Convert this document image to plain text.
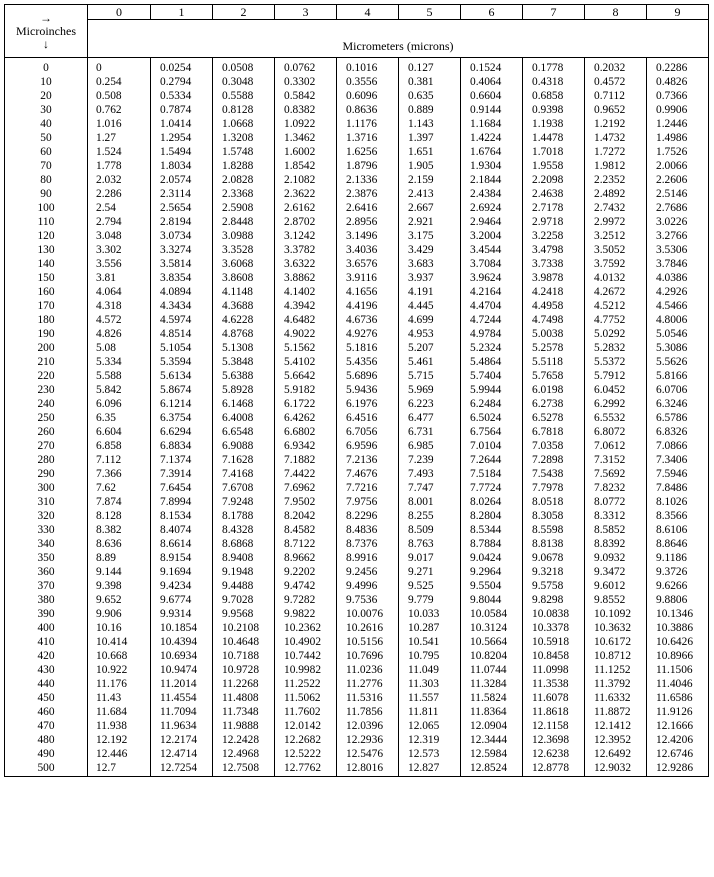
→
Microinches
↓	0	1	2	3	4	5	6	7	8	9
	Micrometers (microns)									
0	0	0.0254	0.0508	0.0762	0.1016	0.127	0.1524	0.1778	0.2032	0.2286
10	0.254	0.2794	0.3048	0.3302	0.3556	0.381	0.4064	0.4318	0.4572	0.4826
20	0.508	0.5334	0.5588	0.5842	0.6096	0.635	0.6604	0.6858	0.7112	0.7366
30	0.762	0.7874	0.8128	0.8382	0.8636	0.889	0.9144	0.9398	0.9652	0.9906
40	1.016	1.0414	1.0668	1.0922	1.1176	1.143	1.1684	1.1938	1.2192	1.2446
50	1.27	1.2954	1.3208	1.3462	1.3716	1.397	1.4224	1.4478	1.4732	1.4986
60	1.524	1.5494	1.5748	1.6002	1.6256	1.651	1.6764	1.7018	1.7272	1.7526
70	1.778	1.8034	1.8288	1.8542	1.8796	1.905	1.9304	1.9558	1.9812	2.0066
80	2.032	2.0574	2.0828	2.1082	2.1336	2.159	2.1844	2.2098	2.2352	2.2606
90	2.286	2.3114	2.3368	2.3622	2.3876	2.413	2.4384	2.4638	2.4892	2.5146
100	2.54	2.5654	2.5908	2.6162	2.6416	2.667	2.6924	2.7178	2.7432	2.7686
110	2.794	2.8194	2.8448	2.8702	2.8956	2.921	2.9464	2.9718	2.9972	3.0226
120	3.048	3.0734	3.0988	3.1242	3.1496	3.175	3.2004	3.2258	3.2512	3.2766
130	3.302	3.3274	3.3528	3.3782	3.4036	3.429	3.4544	3.4798	3.5052	3.5306
140	3.556	3.5814	3.6068	3.6322	3.6576	3.683	3.7084	3.7338	3.7592	3.7846
150	3.81	3.8354	3.8608	3.8862	3.9116	3.937	3.9624	3.9878	4.0132	4.0386
160	4.064	4.0894	4.1148	4.1402	4.1656	4.191	4.2164	4.2418	4.2672	4.2926
170	4.318	4.3434	4.3688	4.3942	4.4196	4.445	4.4704	4.4958	4.5212	4.5466
180	4.572	4.5974	4.6228	4.6482	4.6736	4.699	4.7244	4.7498	4.7752	4.8006
190	4.826	4.8514	4.8768	4.9022	4.9276	4.953	4.9784	5.0038	5.0292	5.0546
200	5.08	5.1054	5.1308	5.1562	5.1816	5.207	5.2324	5.2578	5.2832	5.3086
210	5.334	5.3594	5.3848	5.4102	5.4356	5.461	5.4864	5.5118	5.5372	5.5626
220	5.588	5.6134	5.6388	5.6642	5.6896	5.715	5.7404	5.7658	5.7912	5.8166
230	5.842	5.8674	5.8928	5.9182	5.9436	5.969	5.9944	6.0198	6.0452	6.0706
240	6.096	6.1214	6.1468	6.1722	6.1976	6.223	6.2484	6.2738	6.2992	6.3246
250	6.35	6.3754	6.4008	6.4262	6.4516	6.477	6.5024	6.5278	6.5532	6.5786
260	6.604	6.6294	6.6548	6.6802	6.7056	6.731	6.7564	6.7818	6.8072	6.8326
270	6.858	6.8834	6.9088	6.9342	6.9596	6.985	7.0104	7.0358	7.0612	7.0866
280	7.112	7.1374	7.1628	7.1882	7.2136	7.239	7.2644	7.2898	7.3152	7.3406
290	7.366	7.3914	7.4168	7.4422	7.4676	7.493	7.5184	7.5438	7.5692	7.5946
300	7.62	7.6454	7.6708	7.6962	7.7216	7.747	7.7724	7.7978	7.8232	7.8486
310	7.874	7.8994	7.9248	7.9502	7.9756	8.001	8.0264	8.0518	8.0772	8.1026
320	8.128	8.1534	8.1788	8.2042	8.2296	8.255	8.2804	8.3058	8.3312	8.3566
330	8.382	8.4074	8.4328	8.4582	8.4836	8.509	8.5344	8.5598	8.5852	8.6106
340	8.636	8.6614	8.6868	8.7122	8.7376	8.763	8.7884	8.8138	8.8392	8.8646
350	8.89	8.9154	8.9408	8.9662	8.9916	9.017	9.0424	9.0678	9.0932	9.1186
360	9.144	9.1694	9.1948	9.2202	9.2456	9.271	9.2964	9.3218	9.3472	9.3726
370	9.398	9.4234	9.4488	9.4742	9.4996	9.525	9.5504	9.5758	9.6012	9.6266
380	9.652	9.6774	9.7028	9.7282	9.7536	9.779	9.8044	9.8298	9.8552	9.8806
390	9.906	9.9314	9.9568	9.9822	10.0076	10.033	10.0584	10.0838	10.1092	10.1346
400	10.16	10.1854	10.2108	10.2362	10.2616	10.287	10.3124	10.3378	10.3632	10.3886
410	10.414	10.4394	10.4648	10.4902	10.5156	10.541	10.5664	10.5918	10.6172	10.6426
420	10.668	10.6934	10.7188	10.7442	10.7696	10.795	10.8204	10.8458	10.8712	10.8966
430	10.922	10.9474	10.9728	10.9982	11.0236	11.049	11.0744	11.0998	11.1252	11.1506
440	11.176	11.2014	11.2268	11.2522	11.2776	11.303	11.3284	11.3538	11.3792	11.4046
450	11.43	11.4554	11.4808	11.5062	11.5316	11.557	11.5824	11.6078	11.6332	11.6586
460	11.684	11.7094	11.7348	11.7602	11.7856	11.811	11.8364	11.8618	11.8872	11.9126
470	11.938	11.9634	11.9888	12.0142	12.0396	12.065	12.0904	12.1158	12.1412	12.1666
480	12.192	12.2174	12.2428	12.2682	12.2936	12.319	12.3444	12.3698	12.3952	12.4206
490	12.446	12.4714	12.4968	12.5222	12.5476	12.573	12.5984	12.6238	12.6492	12.6746
500	12.7	12.7254	12.7508	12.7762	12.8016	12.827	12.8524	12.8778	12.9032	12.9286
